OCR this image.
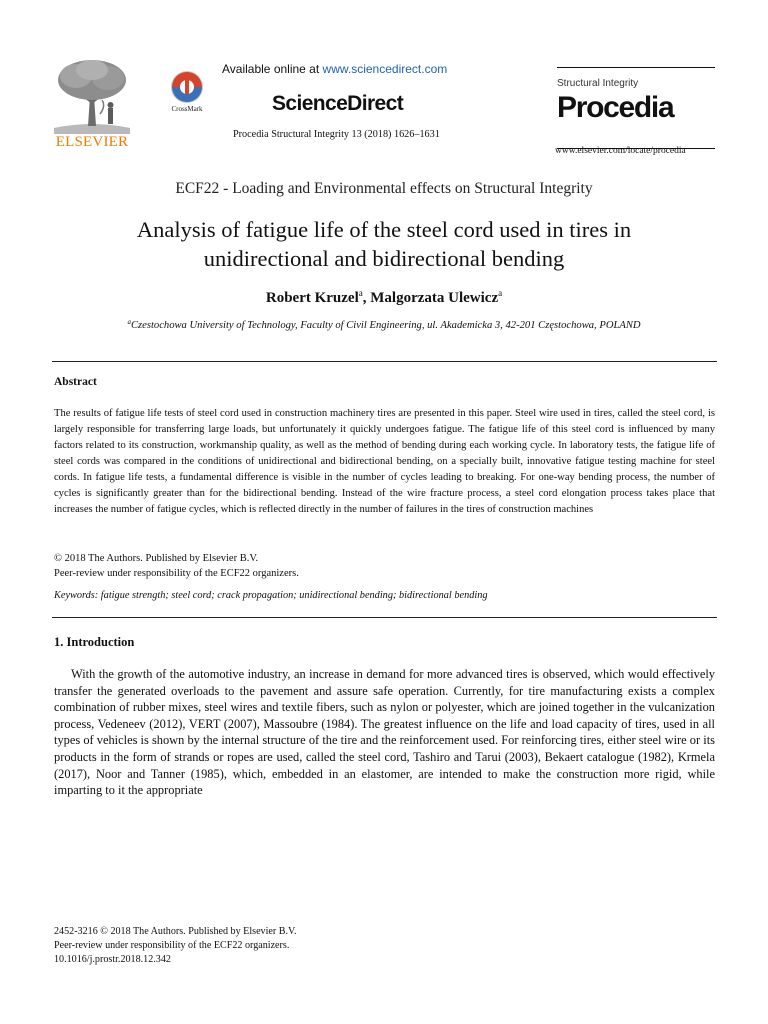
ELSEVIER
CrossMark
Available online at www.sciencedirect.com
ScienceDirect
Procedia Structural Integrity 13 (2018) 1626–1631
Structural Integrity
Procedia
www.elsevier.com/locate/procedia
ECF22 - Loading and Environmental effects on Structural Integrity
Analysis of fatigue life of the steel cord used in tires in
unidirectional and bidirectional bending
Robert Kruzel$^a$, Malgorzata Ulewicz$^a$
$^a$Czestochowa University of Technology, Faculty of Civil Engineering, ul. Akademicka 3, 42-201 Częstochowa, POLAND
Abstract

The results of fatigue life tests of steel cord used in construction machinery tires are presented in this paper. Steel wire used in tires, called the steel cord, is largely responsible for transferring large loads, but unfortunately it quickly undergoes fatigue. The fatigue life of this steel cord is influenced by many factors related to its construction, workmanship quality, as well as the method of bending during each working cycle. In laboratory tests, the fatigue life of steel cords was compared in the conditions of unidirectional and bidirectional bending, on a specially built, innovative fatigue testing machine for steel cords. In fatigue life tests, a fundamental difference is visible in the number of cycles leading to breaking. For one-way bending process, the number of cycles is significantly greater than for the bidirectional bending. Instead of the wire fracture process, a steel cord elongation process takes place that increases the number of fatigue cycles, which is reflected directly in the number of failures in the tires of construction machines

© 2018 The Authors. Published by Elsevier B.V.
Peer-review under responsibility of the ECF22 organizers.
Keywords: fatigue strength; steel cord; crack propagation; unidirectional bending; bidirectional bending
1. Introduction

With the growth of the automotive industry, an increase in demand for more advanced tires is observed, which would effectively transfer the generated overloads to the pavement and assure safe operation. Currently, for tire manufacturing exists a complex combination of rubber mixes, steel wires and textile fibers, such as nylon or polyester, which are joined together in the vulcanization process, Vedeneev (2012), VERT (2007), Massoubre (1984). The greatest influence on the life and load capacity of tires, used in all types of vehicles is shown by the internal structure of the tire and the reinforcement used. For reinforcing tires, either steel wire or its products in the form of strands or ropes are used, called the steel cord, Tashiro and Tarui (2003), Bekaert catalogue (1982), Krmela (2017), Noor and Tanner (1985), which, embedded in an elastomer, are intended to make the construction more rigid, while imparting to it the appropriate

2452-3216 © 2018 The Authors. Published by Elsevier B.V.
Peer-review under responsibility of the ECF22 organizers.
10.1016/j.prostr.2018.12.342
